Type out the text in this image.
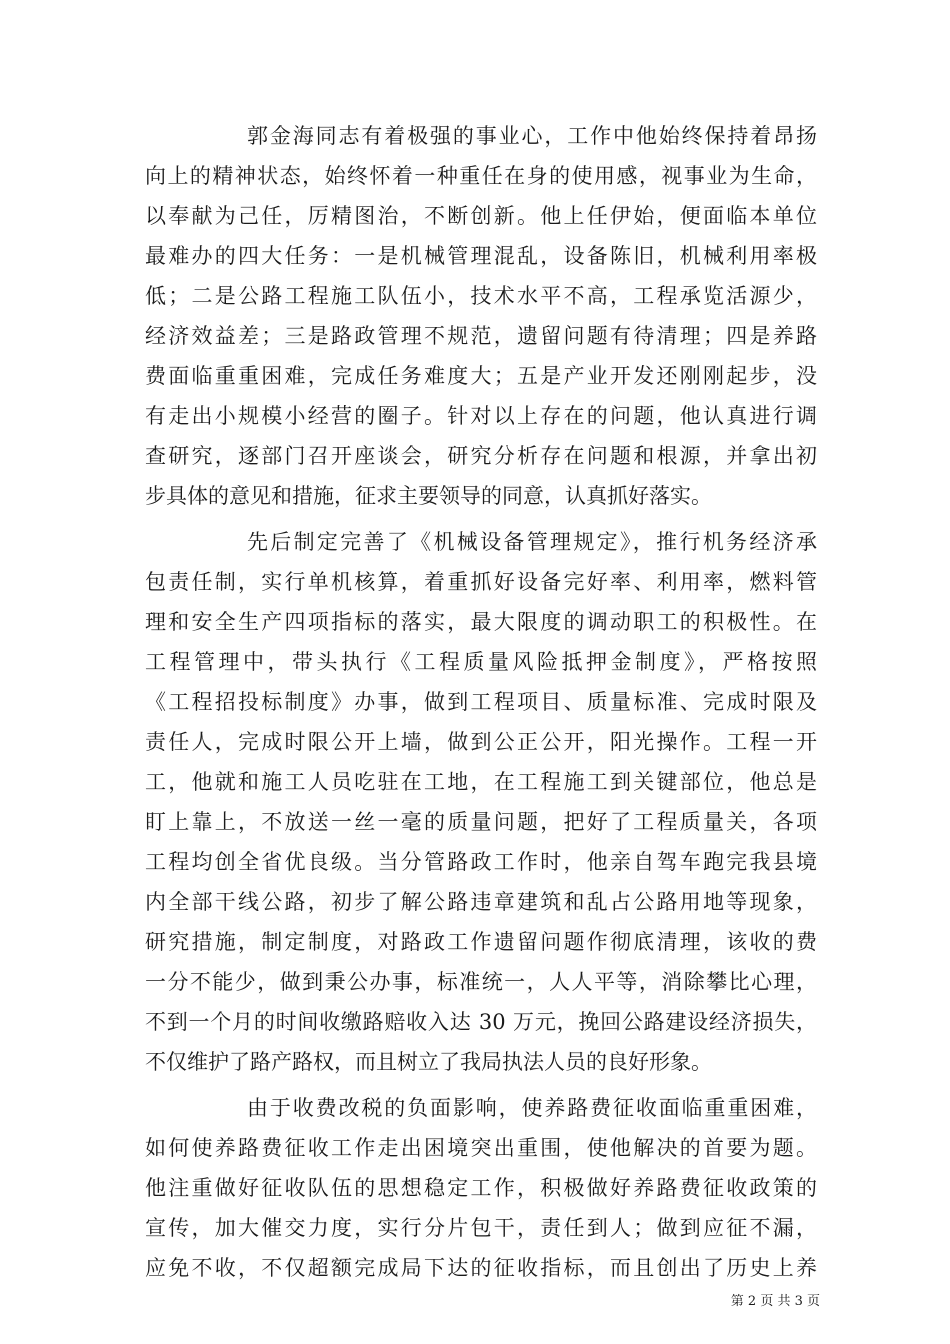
郭金海同志有着极强的事业心，工作中他始终保持着昂扬
向上的精神状态，始终怀着一种重任在身的使用感，视事业为生命，
以奉献为己任，厉精图治，不断创新。他上任伊始，便面临本单位
最难办的四大任务：一是机械管理混乱，设备陈旧，机械利用率极
低；二是公路工程施工队伍小，技术水平不高，工程承览活源少，
经济效益差；三是路政管理不规范，遗留问题有待清理；四是养路
费面临重重困难，完成任务难度大；五是产业开发还刚刚起步，没
有走出小规模小经营的圈子。针对以上存在的问题，他认真进行调
查研究，逐部门召开座谈会，研究分析存在问题和根源，并拿出初
步具体的意见和措施，征求主要领导的同意，认真抓好落实。
先后制定完善了《机械设备管理规定》，推行机务经济承
包责任制，实行单机核算，着重抓好设备完好率、利用率，燃料管
理和安全生产四项指标的落实，最大限度的调动职工的积极性。在
工程管理中，带头执行《工程质量风险抵押金制度》，严格按照
《工程招投标制度》办事，做到工程项目、质量标准、完成时限及
责任人，完成时限公开上墙，做到公正公开，阳光操作。工程一开
工，他就和施工人员吃驻在工地，在工程施工到关键部位，他总是
盯上靠上，不放送一丝一毫的质量问题，把好了工程质量关，各项
工程均创全省优良级。当分管路政工作时，他亲自驾车跑完我县境
内全部干线公路，初步了解公路违章建筑和乱占公路用地等现象，
研究措施，制定制度，对路政工作遗留问题作彻底清理，该收的费
一分不能少，做到秉公办事，标准统一，人人平等，消除攀比心理，
不到一个月的时间收缴路赔收入达 30 万元，挽回公路建设经济损失，
不仅维护了路产路权，而且树立了我局执法人员的良好形象。
由于收费改税的负面影响，使养路费征收面临重重困难，
如何使养路费征收工作走出困境突出重围，使他解决的首要为题。
他注重做好征收队伍的思想稳定工作，积极做好养路费征收政策的
宣传，加大催交力度，实行分片包干，责任到人；做到应征不漏，
应免不收，不仅超额完成局下达的征收指标，而且创出了历史上养
第 2 页 共 3 页
